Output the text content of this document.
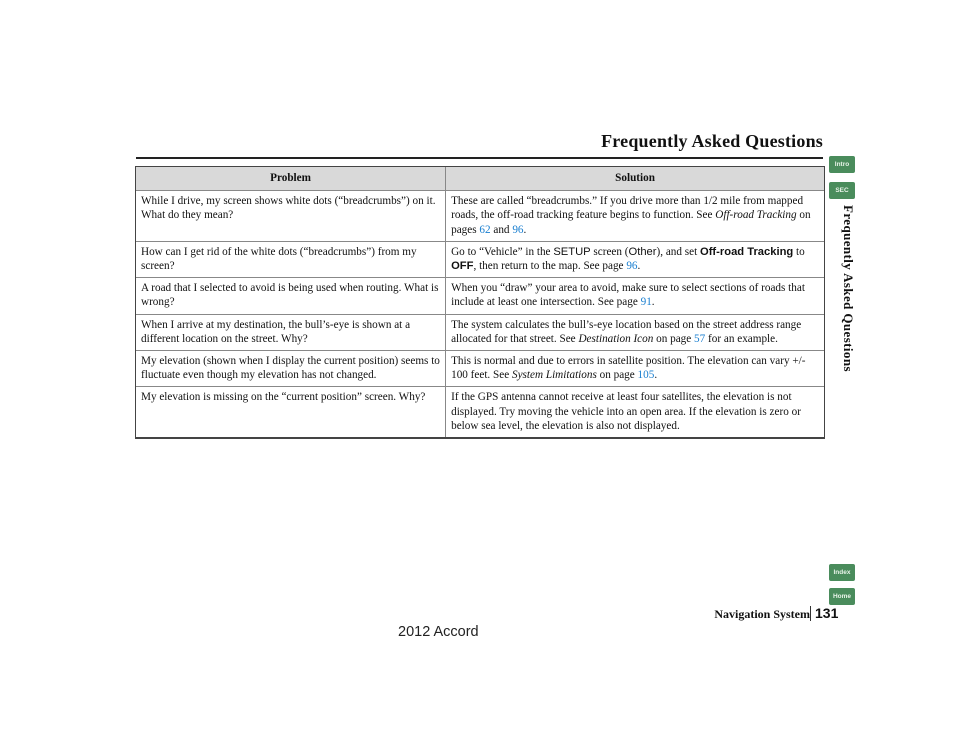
Frequently Asked Questions
Problem	Solution
While I drive, my screen shows white dots (“breadcrumbs”) on it. What do they mean?	These are called “breadcrumbs.” If you drive more than 1/2 mile from mapped roads, the off-road tracking feature begins to function. See Off-road Tracking on pages 62 and 96.
How can I get rid of the white dots (“breadcrumbs”) from my screen?	Go to “Vehicle” in the SETUP screen (Other), and set Off-road Tracking to OFF, then return to the map. See page 96.
A road that I selected to avoid is being used when routing. What is wrong?	When you “draw” your area to avoid, make sure to select sections of roads that include at least one intersection. See page 91.
When I arrive at my destination, the bull’s-eye is shown at a different location on the street. Why?	The system calculates the bull’s-eye location based on the street address range allocated for that street. See Destination Icon on page 57 for an example.
My elevation (shown when I display the current position) seems to fluctuate even though my elevation has not changed.	This is normal and due to errors in satellite position. The elevation can vary +/- 100 feet. See System Limitations on page 105.
My elevation is missing on the “current position” screen. Why?	If the GPS antenna cannot receive at least four satellites, the elevation is not displayed. Try moving the vehicle into an open area. If the elevation is zero or below sea level, the elevation is also not displayed.
Intro
SEC
Frequently Asked Questions
Index
Home
Navigation System 131
2012 Accord
